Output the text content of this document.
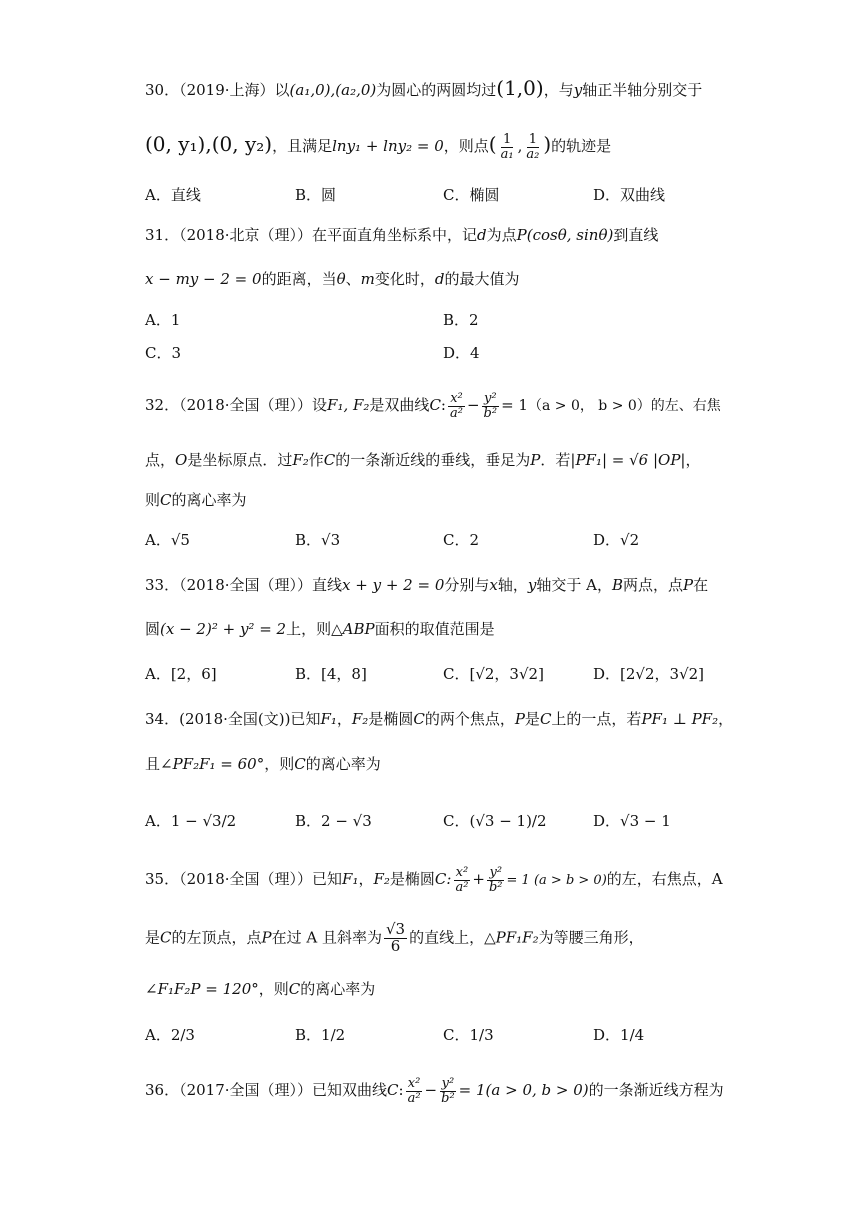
30．（2019·上海）以(a₁,0),(a₂,0)为圆心的两圆均过(1,0)，与y轴正半轴分别交于
(0, y₁),(0, y₂)，且满足lny₁ + lny₂ = 0，则点( $\frac{1}{\text{a₁}}$ , $\frac{1}{\text{a₂}}$ )的轨迹是
A．直线	B．圆	C．椭圆	D．双曲线
31．（2018·北京（理））在平面直角坐标系中，记d为点P(cosθ, sinθ)到直线
x − my − 2 = 0的距离，当θ、m变化时，d的最大值为
A．1	B．2
C．3	D．4
32．（2018·全国（理））设F₁, F₂是双曲线C: $\frac{\text{x²}}{\text{a²}} - \frac{\text{y²}}{\text{b²}} = 1(a > 0$， b > 0）的左、右焦
点，O是坐标原点．过F₂作C的一条渐近线的垂线，垂足为P．若|PF₁| = √6 |OP|，
则C的离心率为
A．√5	B．√3	C．2	D．√2
33．（2018·全国（理））直线x + y + 2 = 0分别与x轴，y轴交于 A，B两点，点P在
圆(x − 2)² + y² = 2上，则△ABP面积的取值范围是
A．[2，6]	B．[4，8]	C．[√2，3√2]	D．[2√2，3√2]
34．(2018·全国(文))已知F₁，F₂是椭圆C的两个焦点，P是C上的一点，若PF₁ ⊥ PF₂，
且∠PF₂F₁ = 60°，则C的离心率为
A．1 − √3/2	B．2 − √3	C．(√3 − 1)/2	D．√3 − 1
35．（2018·全国（理））已知F₁，F₂是椭圆C: $\frac{\text{x²}}{\text{a²}} + \frac{\text{y²}}{\text{b²}} = 1$ (a > b > 0)的左，右焦点，A
是C的左顶点，点P在过 A 且斜率为 $\frac{√3}{6}$ 的直线上，△PF₁F₂为等腰三角形，
∠F₁F₂P = 120°，则C的离心率为
A．2/3	B．1/2	C．1/3	D．1/4
36．（2017·全国（理））已知双曲线C: $\frac{\text{x²}}{\text{a²}} - \frac{\text{y²}}{\text{b²}} = 1(a > 0$, b > 0)的一条渐近线方程为
